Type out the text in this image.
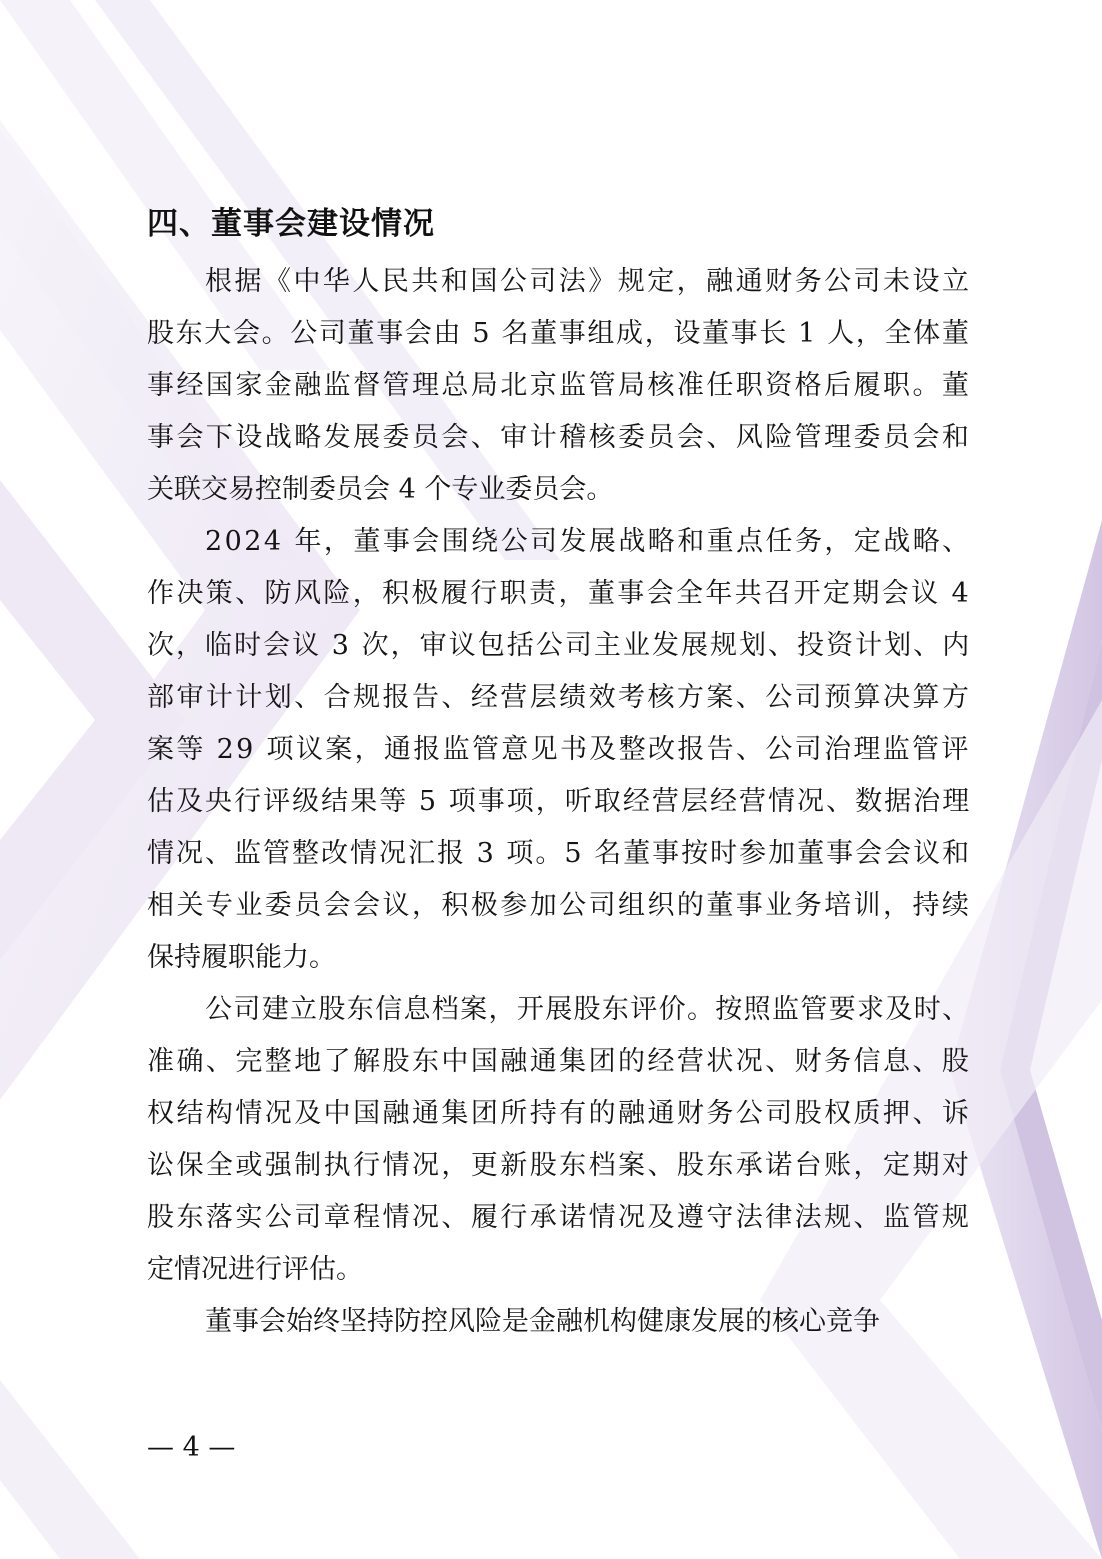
四、董事会建设情况

根据《中华人民共和国公司法》规定，融通财务公司未设立
股东大会。公司董事会由 5 名董事组成，设董事长 1 人，全体董
事经国家金融监督管理总局北京监管局核准任职资格后履职。董
事会下设战略发展委员会、审计稽核委员会、风险管理委员会和
关联交易控制委员会 4 个专业委员会。

2024 年，董事会围绕公司发展战略和重点任务，定战略、
作决策、防风险，积极履行职责，董事会全年共召开定期会议 4
次，临时会议 3 次，审议包括公司主业发展规划、投资计划、内
部审计计划、合规报告、经营层绩效考核方案、公司预算决算方
案等 29 项议案，通报监管意见书及整改报告、公司治理监管评
估及央行评级结果等 5 项事项，听取经营层经营情况、数据治理
情况、监管整改情况汇报 3 项。5 名董事按时参加董事会会议和
相关专业委员会会议，积极参加公司组织的董事业务培训，持续
保持履职能力。

公司建立股东信息档案，开展股东评价。按照监管要求及时、
准确、完整地了解股东中国融通集团的经营状况、财务信息、股
权结构情况及中国融通集团所持有的融通财务公司股权质押、诉
讼保全或强制执行情况，更新股东档案、股东承诺台账，定期对
股东落实公司章程情况、履行承诺情况及遵守法律法规、监管规
定情况进行评估。

董事会始终坚持防控风险是金融机构健康发展的核心竞争

— 4 —
